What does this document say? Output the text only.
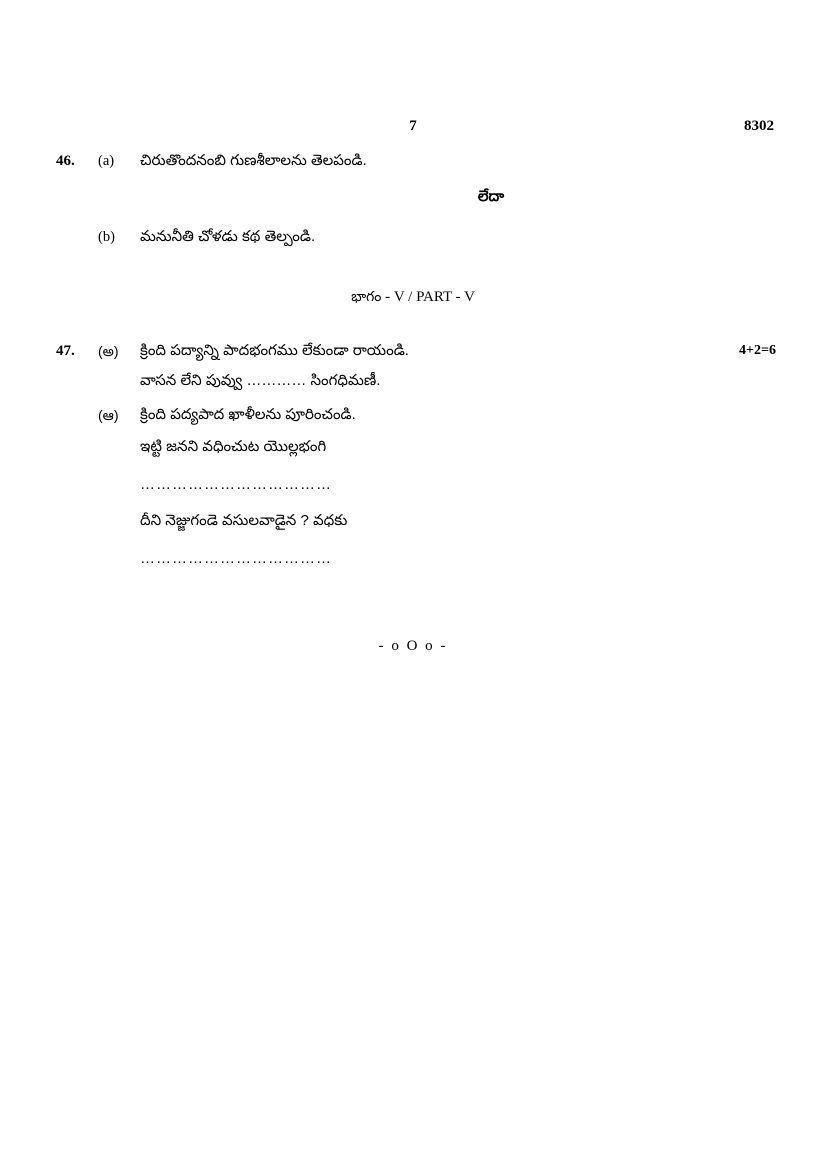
7	8302
46.	(a)	చిరుతొందనంబి గుణశీలాలను తెలపండి.
లేదా
(b)	మనునీతి చోళడు కథ తెల్పండి.
భాగం - V / PART - V
47.	(అ)	క్రింది పద్యాన్ని పాదభంగము లేకుండా రాయండి.	4+2=6
వాసన లేని పువ్వు ………… సింగధిమణీ.
(ఆ)	క్రింది పద్యపాద ఖాళీలను పూరించండి.
ఇట్టి జనని వధించుట యొల్లభంగి
………………………………
దీని నెజ్జుగండె వసులవాడైన ? వధకు
………………………………
- o O o -
